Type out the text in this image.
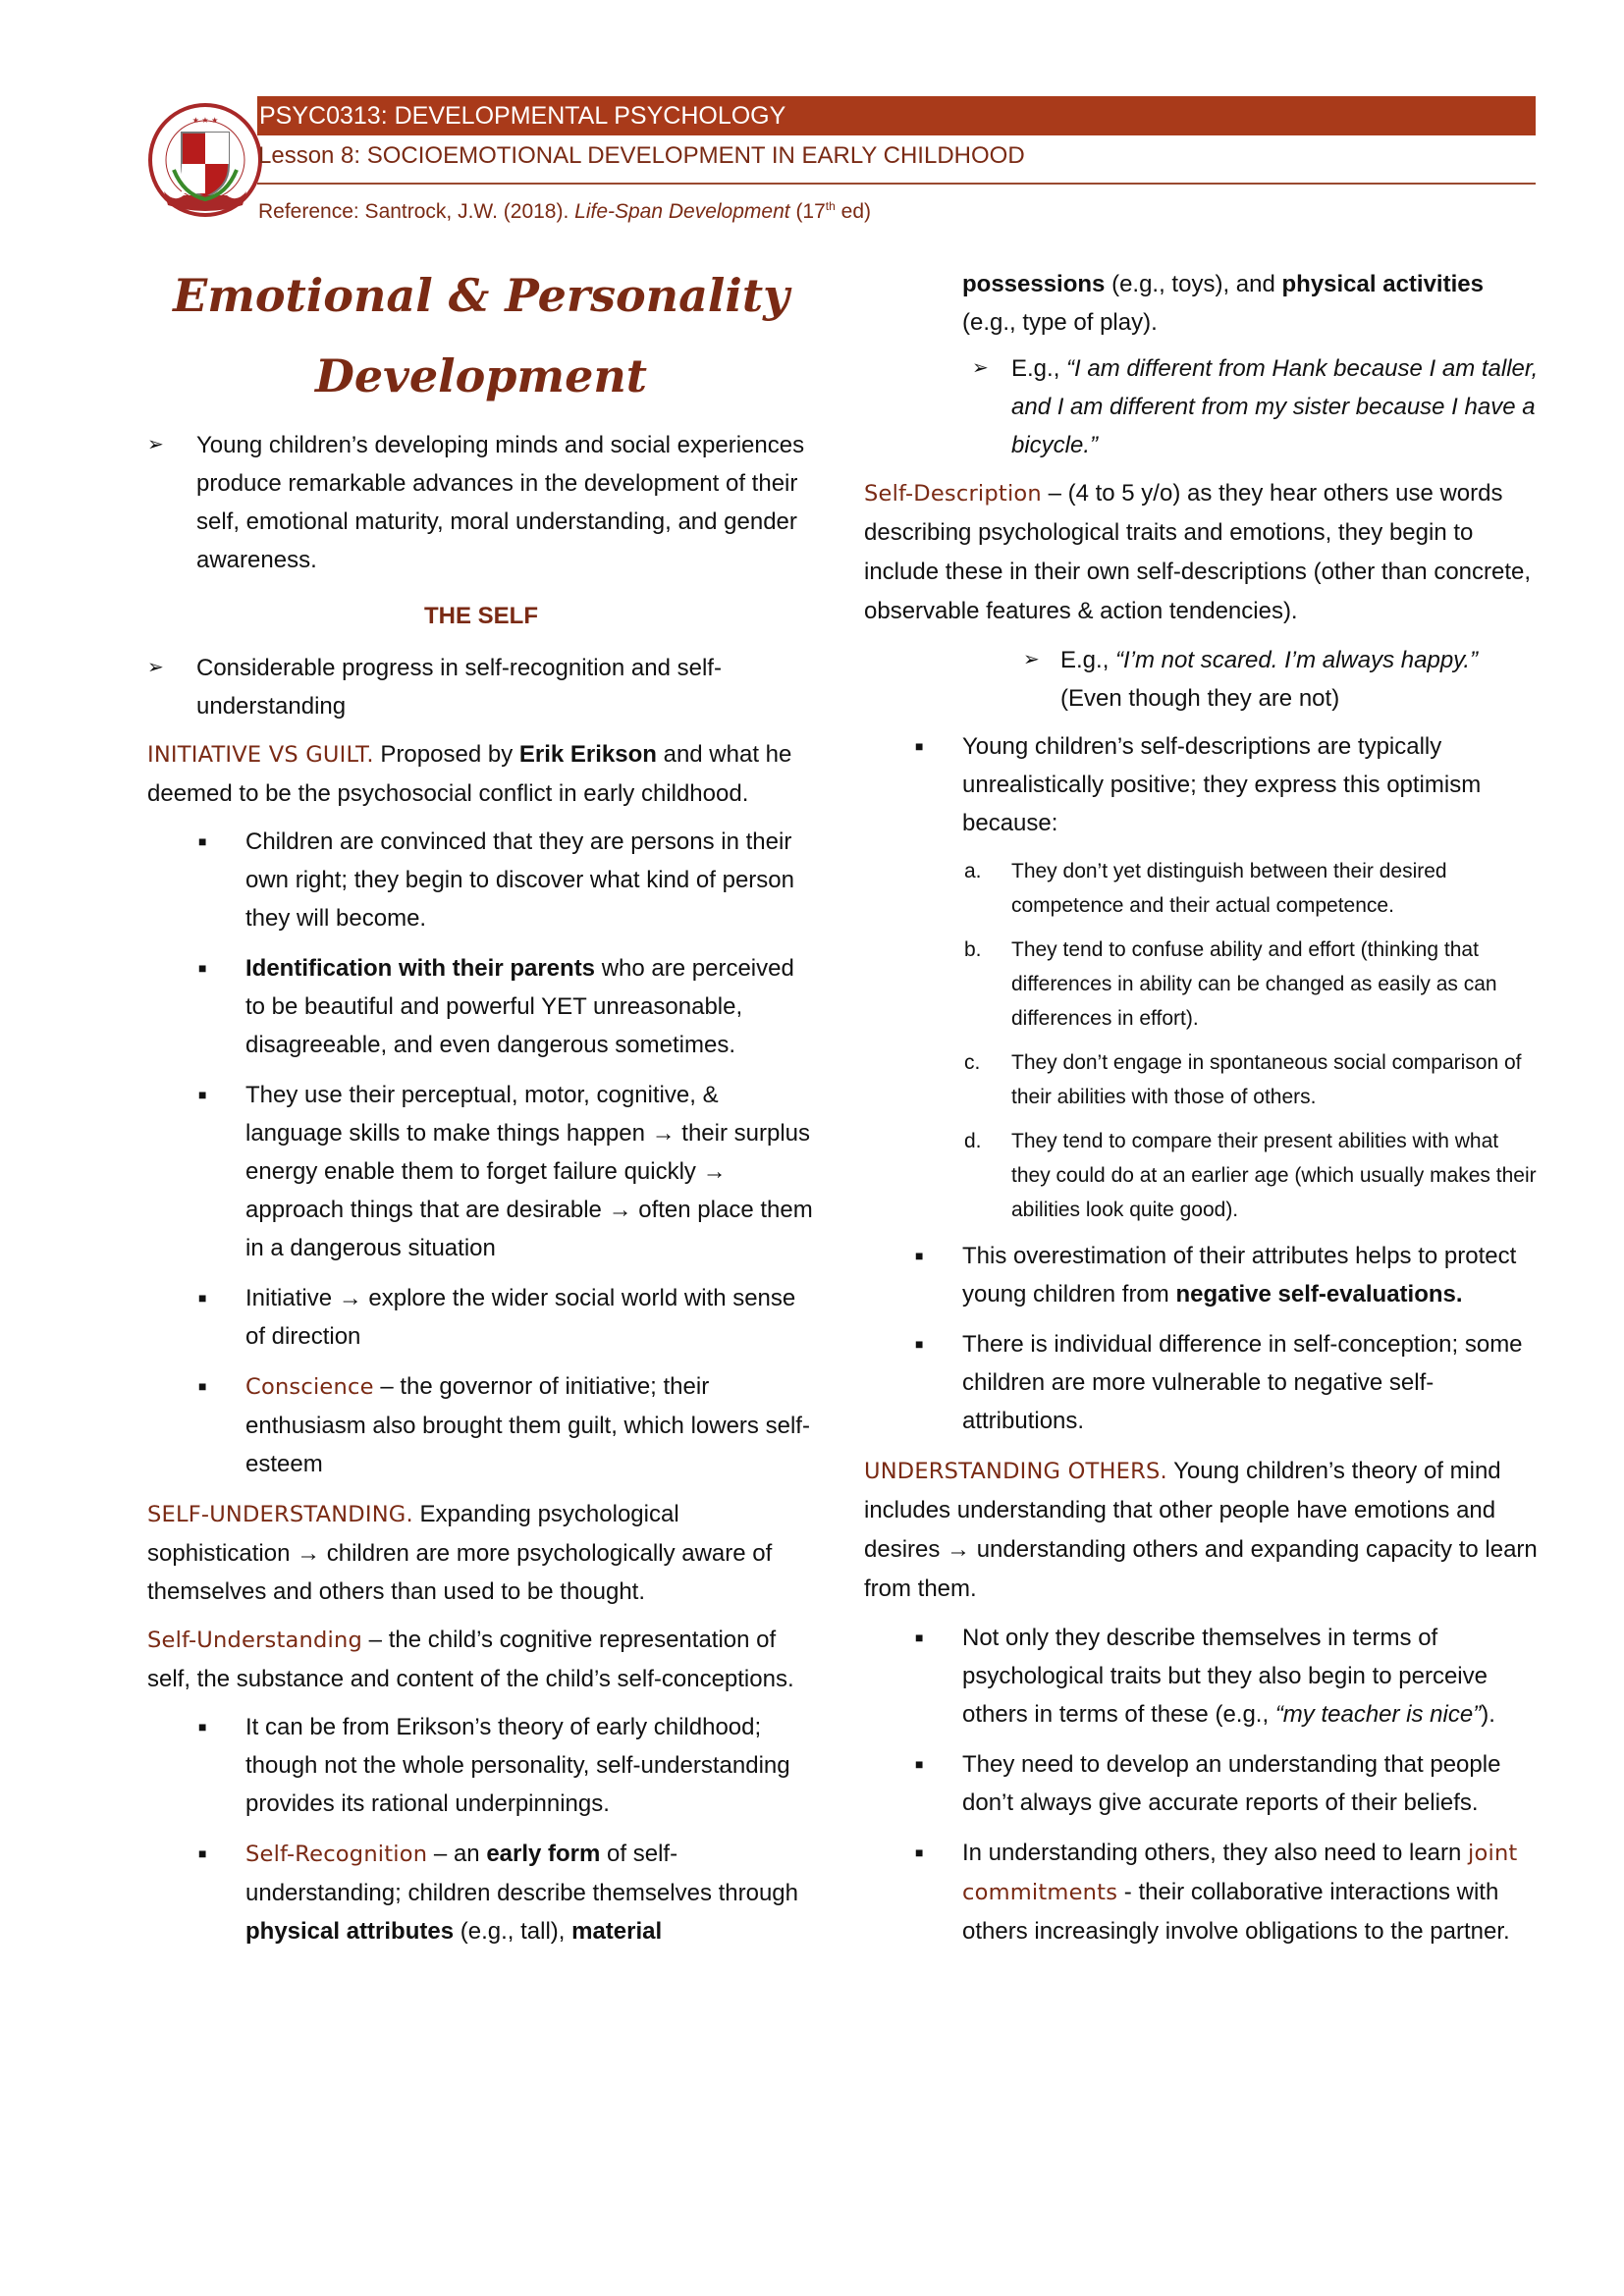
★ ★ ★ PSYC0313: DEVELOPMENTAL PSYCHOLOGY
Lesson 8: SOCIOEMOTIONAL DEVELOPMENT IN EARLY CHILDHOOD
Reference: Santrock, J.W. (2018). Life-Span Development (17th ed)
Emotional & Personality
Development
➢ Young children’s developing minds and social experiences produce remarkable advances in the development of their self, emotional maturity, moral understanding, and gender awareness.
THE SELF
➢ Considerable progress in self-recognition and self-understanding
INITIATIVE VS GUILT. Proposed by Erik Erikson and what he deemed to be the psychosocial conflict in early childhood.
■ Children are convinced that they are persons in their own right; they begin to discover what kind of person they will become.
■ Identification with their parents who are perceived to be beautiful and powerful YET unreasonable, disagreeable, and even dangerous sometimes.
■ They use their perceptual, motor, cognitive, & language skills to make things happen → their surplus energy enable them to forget failure quickly → approach things that are desirable → often place them in a dangerous situation
■ Initiative → explore the wider social world with sense of direction
■ Conscience – the governor of initiative; their enthusiasm also brought them guilt, which lowers self-esteem
SELF-UNDERSTANDING. Expanding psychological sophistication → children are more psychologically aware of themselves and others than used to be thought.
Self-Understanding – the child’s cognitive representation of self, the substance and content of the child’s self-conceptions.
■ It can be from Erikson’s theory of early childhood; though not the whole personality, self-understanding provides its rational underpinnings.
■ Self-Recognition – an early form of self-understanding; children describe themselves through physical attributes (e.g., tall), material
possessions (e.g., toys), and physical activities (e.g., type of play).
➢ E.g., “I am different from Hank because I am taller, and I am different from my sister because I have a bicycle.”
Self-Description – (4 to 5 y/o) as they hear others use words describing psychological traits and emotions, they begin to include these in their own self-descriptions (other than concrete, observable features & action tendencies).
➢ E.g., “I’m not scared. I’m always happy.”
(Even though they are not)
■ Young children’s self-descriptions are typically unrealistically positive; they express this optimism because:
a. They don’t yet distinguish between their desired competence and their actual competence.
b. They tend to confuse ability and effort (thinking that differences in ability can be changed as easily as can differences in effort).
c. They don’t engage in spontaneous social comparison of their abilities with those of others.
d. They tend to compare their present abilities with what they could do at an earlier age (which usually makes their abilities look quite good).
■ This overestimation of their attributes helps to protect young children from negative self-evaluations.
■ There is individual difference in self-conception; some children are more vulnerable to negative self-attributions.
UNDERSTANDING OTHERS. Young children’s theory of mind includes understanding that other people have emotions and desires → understanding others and expanding capacity to learn from them.
■ Not only they describe themselves in terms of psychological traits but they also begin to perceive others in terms of these (e.g., “my teacher is nice”).
■ They need to develop an understanding that people don’t always give accurate reports of their beliefs.
■ In understanding others, they also need to learn joint commitments - their collaborative interactions with others increasingly involve obligations to the partner.
